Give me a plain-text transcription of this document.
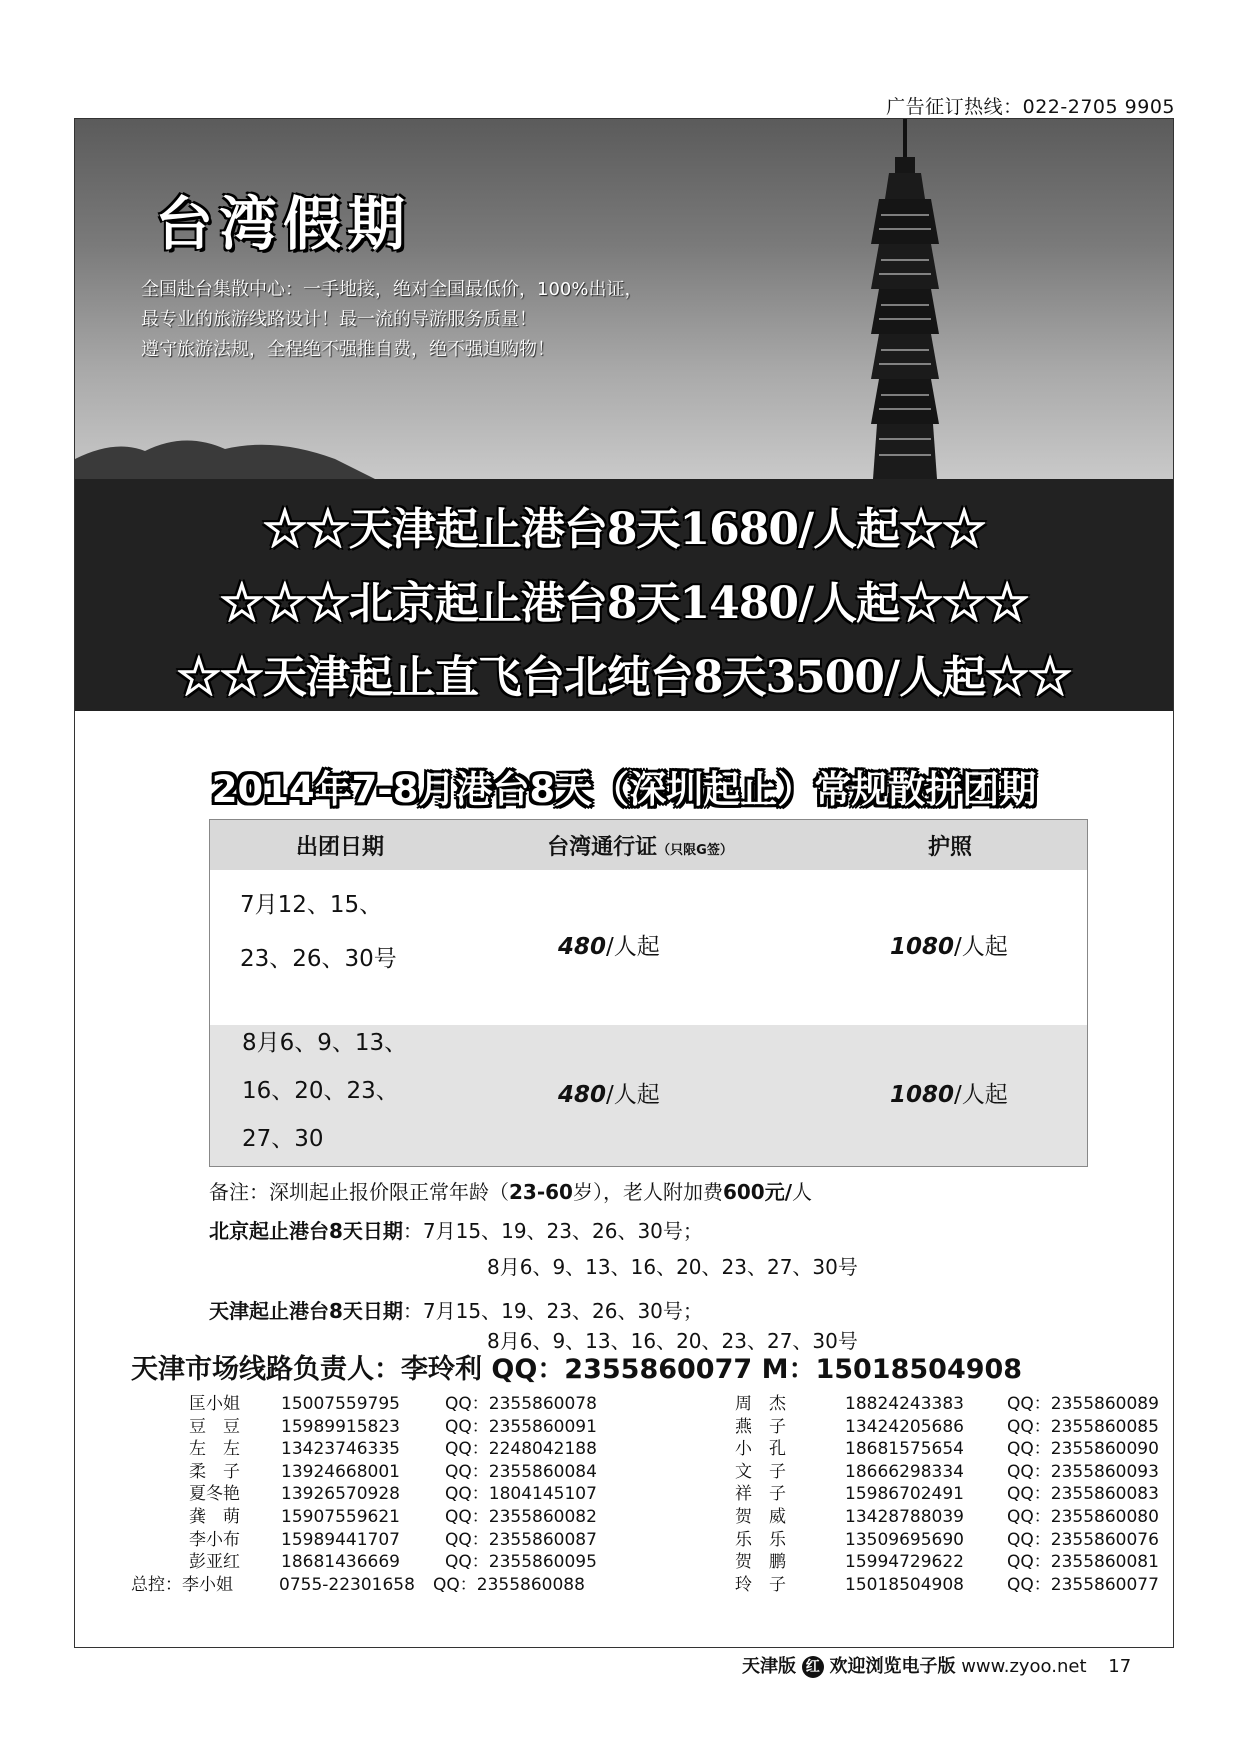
广告征订热线：022-2705 9905
台湾假期
全国赴台集散中心：一手地接，绝对全国最低价，100%出证，
最专业的旅游线路设计！最一流的导游服务质量！
遵守旅游法规，全程绝不强推自费，绝不强迫购物！
☆☆天津起止港台8天1680/人起☆☆
☆☆☆北京起止港台8天1480/人起☆☆☆
☆☆天津起止直飞台北纯台8天3500/人起☆☆
2014年7-8月港台8天（深圳起止）常规散拼团期
出团日期	台湾通行证（只限G签）	护照
7月12、15、
23、26、30号	480/人起	1080/人起
8月6、9、13、
16、20、23、
27、30
480/人起	1080/人起
备注：深圳起止报价限正常年龄（23-60岁），老人附加费600元/人
北京起止港台8天日期：7月15、19、23、26、30号；
8月6、9、13、16、20、23、27、30号
天津起止港台8天日期：7月15、19、23、26、30号；
8月6、9、13、16、20、23、27、30号
天津市场线路负责人：李玲利 QQ：2355860077 M：15018504908
匡小姐 15007559795	QQ：2355860078
豆　豆 15989915823	QQ：2355860091
左　左 13423746335	QQ：2248042188
柔　子 13924668001	QQ：2355860084
夏冬艳 13926570928	QQ：1804145107
龚　萌 15907559621	QQ：2355860082
李小布 15989441707	QQ：2355860087
彭亚红 18681436669	QQ：2355860095
周　杰	18824243383	QQ：2355860089
燕　子	13424205686	QQ：2355860085
小　孔	18681575654	QQ：2355860090
文　子	18666298334	QQ：2355860093
祥　子	15986702491	QQ：2355860083
贺　威	13428788039	QQ：2355860080
乐　乐	13509695690	QQ：2355860076
贺　鹏	15994729622	QQ：2355860081
玲　子	15018504908	QQ：2355860077
总控：李小姐	0755-22301658 QQ：2355860088
天津版 红 欢迎浏览电子版 www.zyoo.net 17
